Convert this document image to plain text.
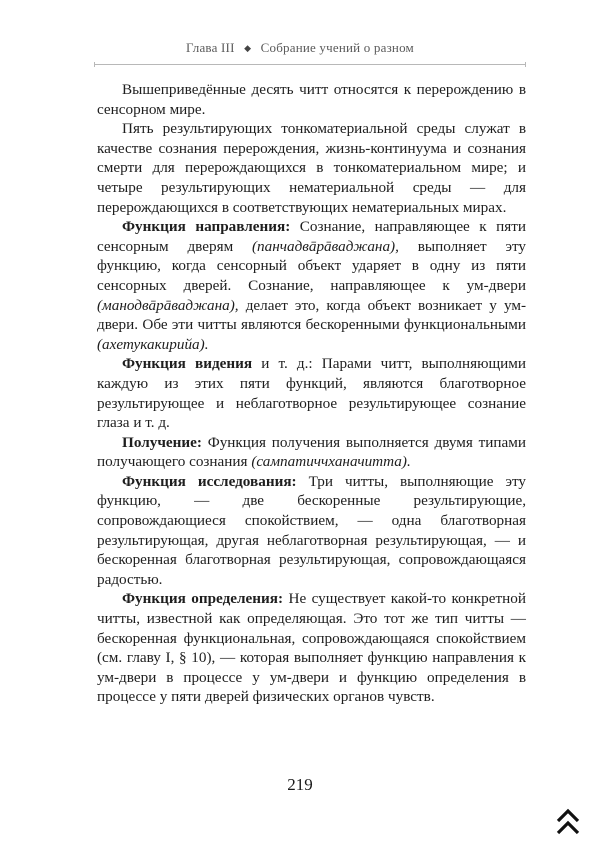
Глава III ◆ Собрание учений о разном

Вышеприведённые десять читт относятся к перерождению в сенсорном мире.

Пять результирующих тонкоматериальной среды служат в качестве сознания перерождения, жизнь-континуума и сознания смерти для перерождающихся в тонкоматериальном мире; и четыре результирующих нематериальной среды — для перерождающихся в соответствующих нематериальных мирах.

Функция направления: Сознание, направляющее к пяти сенсорным дверям (панчадвāрāваджана), выполняет эту функцию, когда сенсорный объект ударяет в одну из пяти сенсорных дверей. Сознание, направляющее к ум-двери (манодвāрāваджана), делает это, когда объект возникает у ум-двери. Обе эти читты являются бескоренными функциональными (ахетукакирийа).

Функция видения и т. д.: Парами читт, выполняющими каждую из этих пяти функций, являются благотворное результирующее и неблаготворное результирующее сознание глаза и т. д.

Получение: Функция получения выполняется двумя типами получающего сознания (сампатиччханачитта).

Функция исследования: Три читты, выполняющие эту функцию, — две бескоренные результирующие, сопровождающиеся спокойствием, — одна благотворная результирующая, другая неблаготворная результирующая, — и бескоренная благотворная результирующая, сопровождающаяся радостью.

Функция определения: Не существует какой-то конкретной читты, известной как определяющая. Это тот же тип читты — бескоренная функциональная, сопровождающаяся спокойствием (см. главу I, § 10), — которая выполняет функцию направления к ум-двери в процессе у ум-двери и функцию определения в процессе у пяти дверей физических органов чувств.

219
